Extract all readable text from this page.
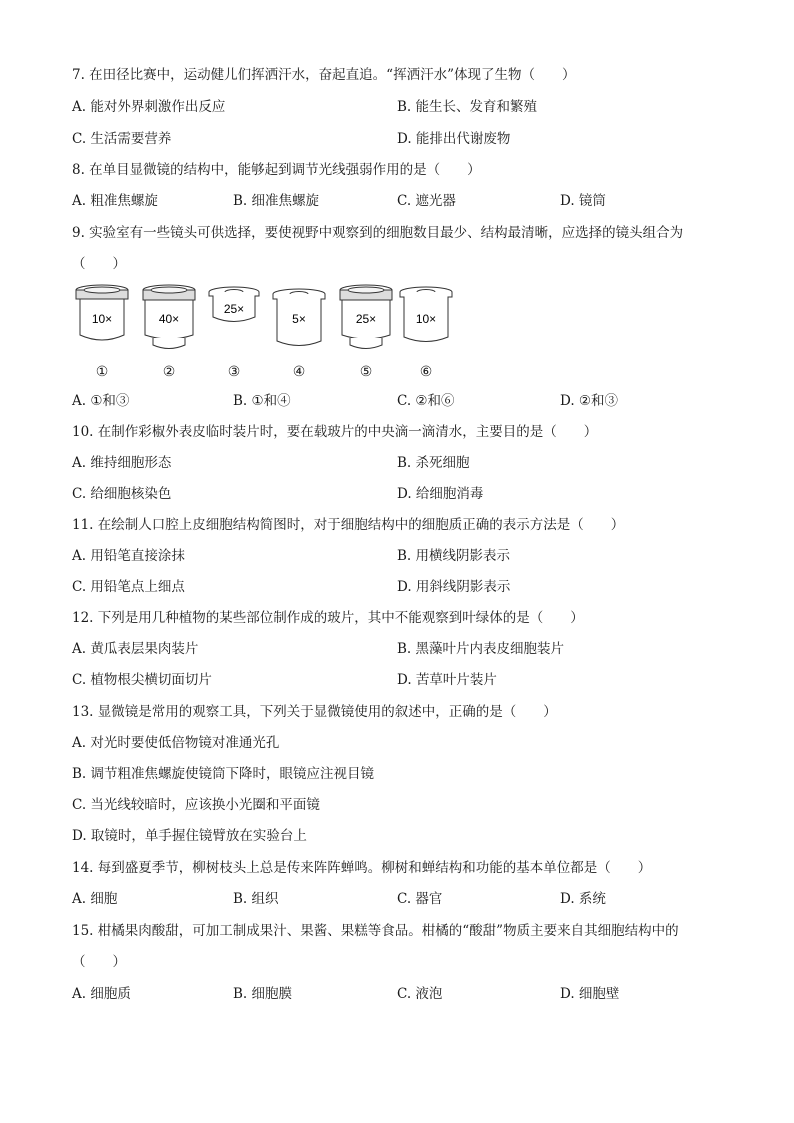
7. 在田径比赛中，运动健儿们挥洒汗水，奋起直追。“挥洒汗水”体现了生物（　　）
A. 能对外界刺激作出反应	B. 能生长、发育和繁殖
C. 生活需要营养	D. 能排出代谢废物
8. 在单目显微镜的结构中，能够起到调节光线强弱作用的是（　　）
A. 粗准焦螺旋	B. 细准焦螺旋	C. 遮光器	D. 镜筒
9. 实验室有一些镜头可供选择，要使视野中观察到的细胞数目最少、结构最清晰，应选择的镜头组合为
（　　）
10×	40×
25×
5×	25×	10×
①	②	③	④	⑤	⑥
A. ①和③	B. ①和④	C. ②和⑥	D. ②和③
10. 在制作彩椒外表皮临时装片时，要在载玻片的中央滴一滴清水，主要目的是（　　）
A. 维持细胞形态	B. 杀死细胞
C. 给细胞核染色	D. 给细胞消毒
11. 在绘制人口腔上皮细胞结构简图时，对于细胞结构中的细胞质正确的表示方法是（　　）
A. 用铅笔直接涂抹	B. 用横线阴影表示
C. 用铅笔点上细点	D. 用斜线阴影表示
12. 下列是用几种植物的某些部位制作成的玻片，其中不能观察到叶绿体的是（　　）
A. 黄瓜表层果肉装片	B. 黑藻叶片内表皮细胞装片
C. 植物根尖横切面切片	D. 苦草叶片装片
13. 显微镜是常用的观察工具，下列关于显微镜使用的叙述中，正确的是（　　）
A. 对光时要使低倍物镜对准通光孔
B. 调节粗准焦螺旋使镜筒下降时，眼镜应注视目镜
C. 当光线较暗时，应该换小光圈和平面镜
D. 取镜时，单手握住镜臂放在实验台上
14. 每到盛夏季节，柳树枝头上总是传来阵阵蝉鸣。柳树和蝉结构和功能的基本单位都是（　　）
A. 细胞	B. 组织	C. 器官	D. 系统
15. 柑橘果肉酸甜，可加工制成果汁、果酱、果糕等食品。柑橘的“酸甜”物质主要来自其细胞结构中的
（　　）
A. 细胞质	B. 细胞膜	C. 液泡	D. 细胞壁
